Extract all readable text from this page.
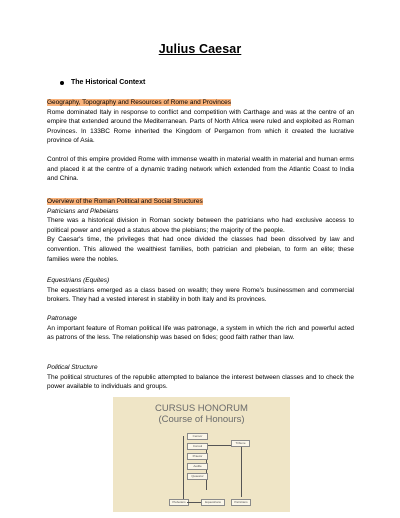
Julius Caesar
The Historical Context
Geography, Topography and Resources of Rome and Provinces

Rome dominated Italy in response to conflict and competition with Carthage and was at the centre of an empire that extended around the Mediterranean. Parts of North Africa were ruled and exploited as Roman Provinces. In 133BC Rome inherited the Kingdom of Pergamon from which it created the lucrative province of Asia.

Control of this empire provided Rome with immense wealth in material wealth in material and human erms and placed it at the centre of a dynamic trading network which extended from the Atlantic Coast to India and China.

Overview of the Roman Political and Social Structures
Patricians and Plebeians

There was a historical division in Roman society between the patricians who had exclusive access to political power and enjoyed a status above the plebians; the majority of the people.

By Caesar's time, the privileges that had once divided the classes had been dissolved by law and convention. This allowed the wealthiest families, both patrician and plebeian, to form an elite; these families were the nobles.

Equestrians (Equites)

The equestrians emerged as a class based on wealth; they were Rome's businessmen and commercial brokers. They had a vested interest in stability in both Italy and its provinces.

Patronage

An important feature of Roman political life was patronage, a system in which the rich and powerful acted as patrons of the less. The relationship was based on fides; good faith rather than law.

Political Structure

The political structures of the republic attempted to balance the interest between classes and to check the power available to individuals and groups.

CURSUS HONORUM
(Course of Honours)
Censor
Consul
Praetor
Aedile
Quaestor
Tribune
Plebeians	Equestrians	Patricians
